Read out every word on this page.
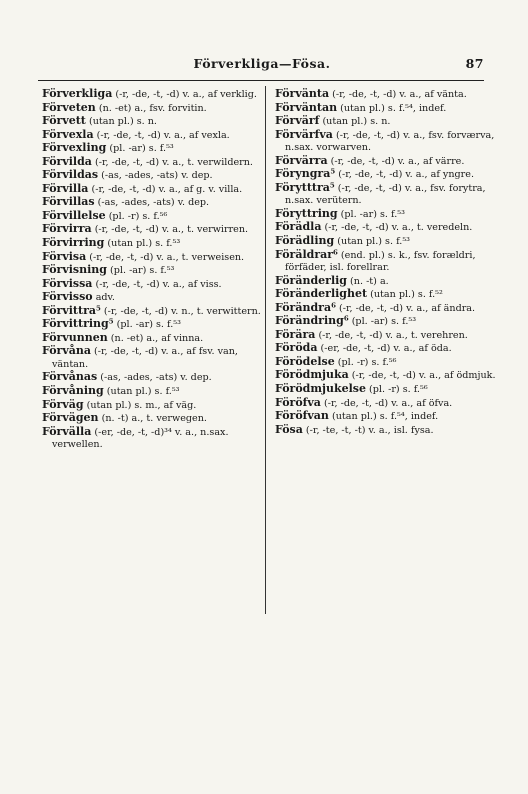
Förverkliga—Fösa.	87

Förverkliga (-r, -de, -t, -d) v. a., af verklig.

Förveten (n. -et) a., fsv. forvitin.

Förvett (utan pl.) s. n.

Förvexla (-r, -de, -t, -d) v. a., af vexla.

Förvexling (pl. -ar) s. f.⁵³

Förvilda (-r, -de, -t, -d) v. a., t. verwildern.

Förvildas (-as, -ades, -ats) v. dep.

Förvilla (-r, -de, -t, -d) v. a., af g. v. villa.

Förvillas (-as, -ades, -ats) v. dep.

Förvillelse (pl. -r) s. f.⁵⁶

Förvirra (-r, -de, -t, -d) v. a., t. verwirren.

Förvirring (utan pl.) s. f.⁵³

Förvisa (-r, -de, -t, -d) v. a., t. verweisen.

Förvisning (pl. -ar) s. f.⁵³

Förvissa (-r, -de, -t, -d) v. a., af viss.

Förvisso adv.

Förvittra⁵ (-r, -de, -t, -d) v. n., t. verwittern.

Förvittring⁵ (pl. -ar) s. f.⁵³

Förvunnen (n. -et) a., af vinna.

Förvåna (-r, -de, -t, -d) v. a., af fsv. van, väntan.

Förvånas (-as, -ades, -ats) v. dep.

Förvåning (utan pl.) s. f.⁵³

Förväg (utan pl.) s. m., af väg.

Förvägen (n. -t) a., t. verwegen.

Förvälla (-er, -de, -t, -d)³⁴ v. a., n.sax. verwellen.

Förvänta (-r, -de, -t, -d) v. a., af vänta.

Förväntan (utan pl.) s. f.⁵⁴, indef.

Förvärf (utan pl.) s. n.

Förvärfva (-r, -de, -t, -d) v. a., fsv. forværva, n.sax. vorwarven.

Förvärra (-r, -de, -t, -d) v. a., af värre.

Föryngra⁵ (-r, -de, -t, -d) v. a., af yngre.

Förytttra⁵ (-r, -de, -t, -d) v. a., fsv. forytra, n.sax. verütern.

Föryttring (pl. -ar) s. f.⁵³

Förädla (-r, -de, -t, -d) v. a., t. veredeln.

Förädling (utan pl.) s. f.⁵³

Föräldrar⁶ (end. pl.) s. k., fsv. forældri, förfäder, isl. forellrar.

Föränderlig (n. -t) a.

Föränderlighet (utan pl.) s. f.⁵²

Förändra⁶ (-r, -de, -t, -d) v. a., af ändra.

Förändring⁶ (pl. -ar) s. f.⁵³

Förära (-r, -de, -t, -d) v. a., t. verehren.

Föröda (-er, -de, -t, -d) v. a., af öda.

Förödelse (pl. -r) s. f.⁵⁶

Förödmjuka (-r, -de, -t, -d) v. a., af ödmjuk.

Förödmjukelse (pl. -r) s. f.⁵⁶

Föröfva (-r, -de, -t, -d) v. a., af öfva.

Föröfvan (utan pl.) s. f.⁵⁴, indef.

Fösa (-r, -te, -t, -t) v. a., isl. fysa.
